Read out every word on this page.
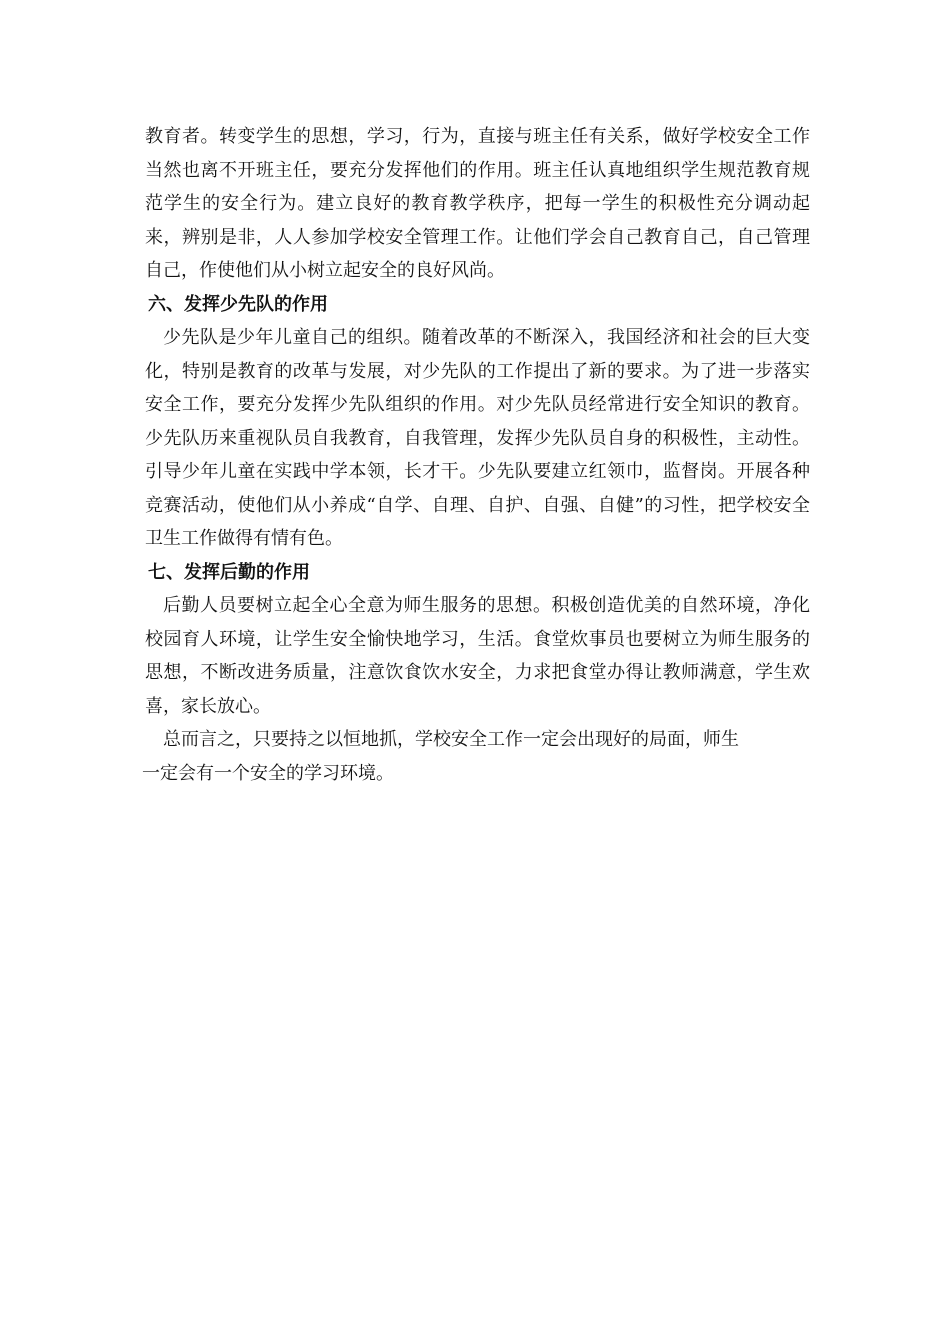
教育者。转变学生的思想，学习，行为，直接与班主任有关系，做好学校安全工作当然也离不开班主任，要充分发挥他们的作用。班主任认真地组织学生规范教育规范学生的安全行为。建立良好的教育教学秩序，把每一学生的积极性充分调动起来，辨别是非，人人参加学校安全管理工作。让他们学会自己教育自己，自己管理自己，作使他们从小树立起安全的良好风尚。

六、发挥少先队的作用

少先队是少年儿童自己的组织。随着改革的不断深入，我国经济和社会的巨大变化，特别是教育的改革与发展，对少先队的工作提出了新的要求。为了进一步落实安全工作，要充分发挥少先队组织的作用。对少先队员经常进行安全知识的教育。少先队历来重视队员自我教育，自我管理，发挥少先队员自身的积极性，主动性。引导少年儿童在实践中学本领，长才干。少先队要建立红领巾，监督岗。开展各种竞赛活动，使他们从小养成“自学、自理、自护、自强、自健”的习性，把学校安全卫生工作做得有情有色。

七、发挥后勤的作用

后勤人员要树立起全心全意为师生服务的思想。积极创造优美的自然环境，净化校园育人环境，让学生安全愉快地学习，生活。食堂炊事员也要树立为师生服务的思想，不断改进务质量，注意饮食饮水安全，力求把食堂办得让教师满意，学生欢喜，家长放心。

总而言之，只要持之以恒地抓，学校安全工作一定会出现好的局面，师生
一定会有一个安全的学习环境。
